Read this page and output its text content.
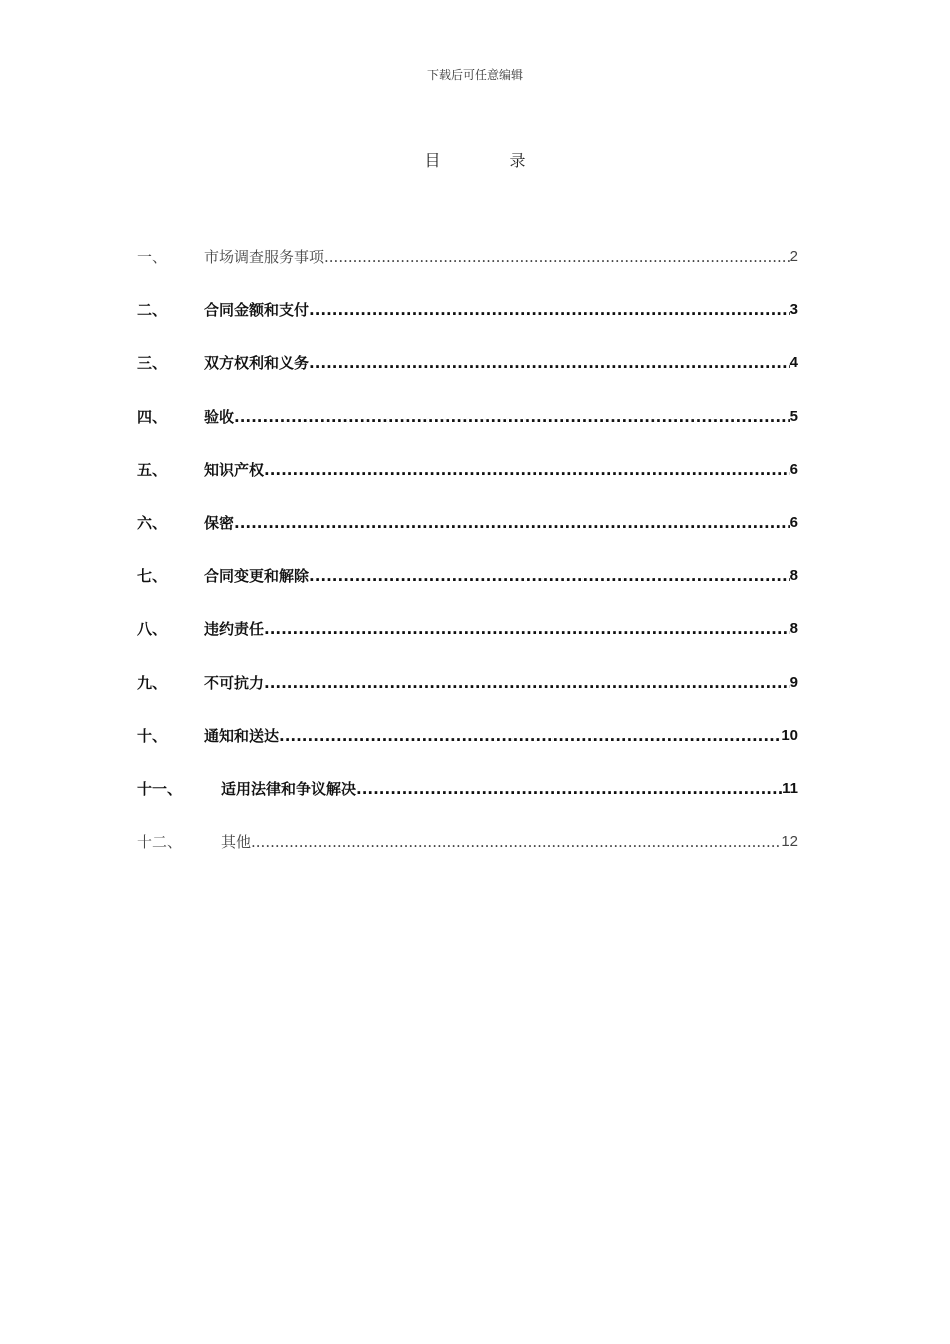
下载后可任意编辑
目 录
一、	市场调查服务事项 .....	2
二、	合同金额和支付 .....	3
三、	双方权利和义务 .....	4
四、	验收 .....	5
五、	知识产权 .....	6
六、	保密 .....	6
七、	合同变更和解除 .....	8
八、	违约责任 .....	8
九、	不可抗力 .....	9
十、	通知和送达 .....	10
十一、	适用法律和争议解决 .....	11
十二、	其他 .....	12
